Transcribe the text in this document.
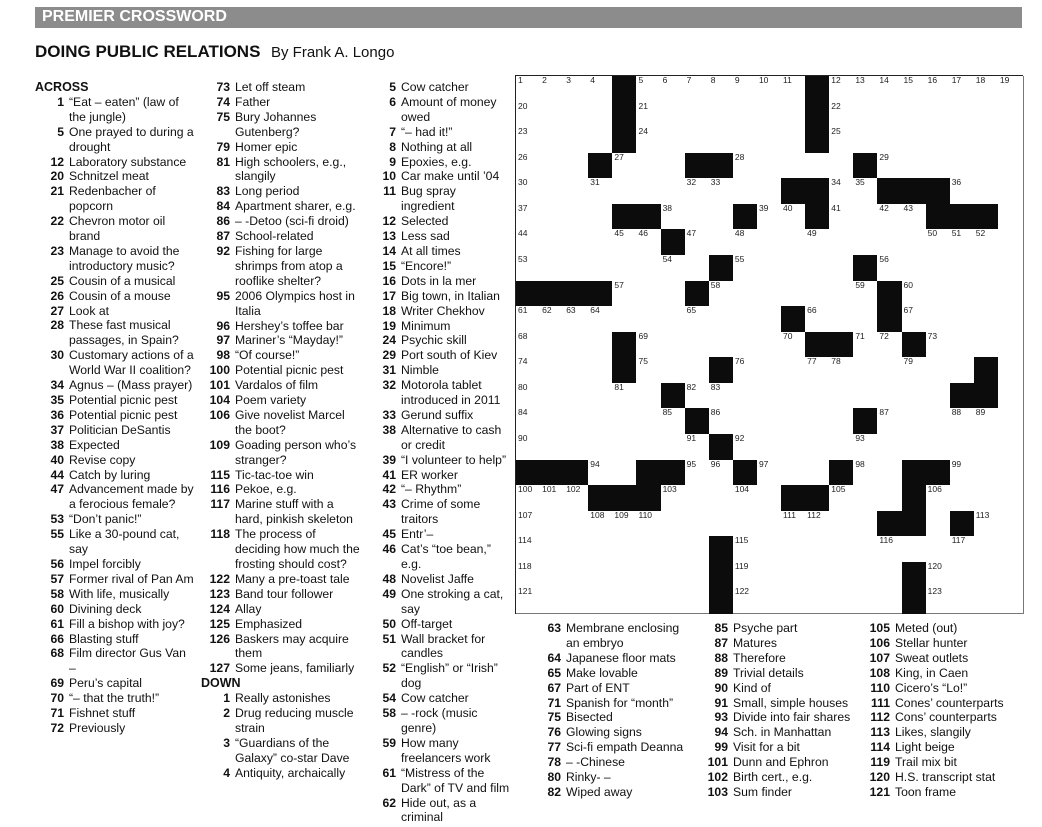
PREMIER CROSSWORD
DOING PUBLIC RELATIONS By Frank A. Longo
ACROSS
1 “Eat – eaten” (law of the jungle)
5 One prayed to during a drought
12 Laboratory substance
20 Schnitzel meat
21 Redenbacher of popcorn
22 Chevron motor oil brand
23 Manage to avoid the introductory music?
25 Cousin of a musical
26 Cousin of a mouse
27 Look at
28 These fast musical passages, in Spain?
30 Customary actions of a World War II coalition?
34 Agnus – (Mass prayer)
35 Potential picnic pest
36 Potential picnic pest
37 Politician DeSantis
38 Expected
40 Revise copy
44 Catch by luring
47 Advancement made by a ferocious female?
53 “Don’t panic!”
55 Like a 30-pound cat, say
56 Impel forcibly
57 Former rival of Pan Am
58 With life, musically
60 Divining deck
61 Fill a bishop with joy?
66 Blasting stuff
68 Film director Gus Van –
69 Peru’s capital
70 “– that the truth!”
71 Fishnet stuff
72 Previously
73 Let off steam
74 Father
75 Bury Johannes Gutenberg?
79 Homer epic
81 High schoolers, e.g., slangily
83 Long period
84 Apartment sharer, e.g.
86 – -Detoo (sci-fi droid)
87 School-related
92 Fishing for large shrimps from atop a rooflike shelter?
95 2006 Olympics host in Italia
96 Hershey’s toffee bar
97 Mariner’s “Mayday!”
98 “Of course!”
100 Potential picnic pest
101 Vardalos of film
104 Poem variety
106 Give novelist Marcel the boot?
109 Goading person who’s stranger?
115 Tic-tac-toe win
116 Pekoe, e.g.
117 Marine stuff with a hard, pinkish skeleton
118 The process of deciding how much the frosting should cost?
122 Many a pre-toast tale
123 Band tour follower
124 Allay
125 Emphasized
126 Baskers may acquire them
127 Some jeans, familiarly
DOWN
1 Really astonishes
2 Drug reducing muscle strain
3 “Guardians of the Galaxy” co-star Dave
4 Antiquity, archaically
5 Cow catcher
6 Amount of money owed
7 “– had it!”
8 Nothing at all
9 Epoxies, e.g.
10 Car make until ’04
11 Bug spray ingredient
12 Selected
13 Less sad
14 At all times
15 “Encore!”
16 Dots in la mer
17 Big town, in Italian
18 Writer Chekhov
19 Minimum
24 Psychic skill
29 Port south of Kiev
31 Nimble
32 Motorola tablet introduced in 2011
33 Gerund suffix
38 Alternative to cash or credit
39 “I volunteer to help”
41 ER worker
42 “– Rhythm”
43 Crime of some traitors
45 Entr’–
46 Cat’s “toe bean,” e.g.
48 Novelist Jaffe
49 One stroking a cat, say
50 Off-target
51 Wall bracket for candles
52 “English” or “Irish” dog
54 Cow catcher
58 – -rock (music genre)
59 How many freelancers work
61 “Mistress of the Dark” of TV and film
62 Hide out, as a criminal
63 Membrane enclosing an embryo
64 Japanese floor mats
65 Make lovable
67 Part of ENT
71 Spanish for “month”
75 Bisected
76 Glowing signs
77 Sci-fi empath Deanna
78 – -Chinese
80 Rinky- –
82 Wiped away
85 Psyche part
87 Matures
88 Therefore
89 Trivial details
90 Kind of
91 Small, simple houses
93 Divide into fair shares
94 Sch. in Manhattan
99 Visit for a bit
101 Dunn and Ephron
102 Birth cert., e.g.
103 Sum finder
105 Meted (out)
106 Stellar hunter
107 Sweat outlets
108 King, in Caen
110 Cicero’s “Lo!”
111 Cones’ counterparts
112 Cons’ counterparts
113 Likes, slangily
114 Light beige
119 Trail mix bit
120 H.S. transcript stat
121 Toon frame
1 2 3 4	5 6 7 8 9 10 11	12 13 14 15 16 17 18 19
20	21	22
23	24	25
26	27	28	29
30	31	32 33	34 35	36
37	38	39 40	41	42 43
44	45 46	47	48	49	50 51 52
53	54	55	56
57	58	59	60
61 62 63 64	65	66	67
68	69	70	71 72	73
74	75	76	77 78	79
80	81	82 83
84	85	86	87	88 89
90	91	92	93
94	95 96	97	98	99
100 101 102	103	104	105	106
107	108 109 110	111 112	113
114	115	116	117
118	119	120
121	122	123
